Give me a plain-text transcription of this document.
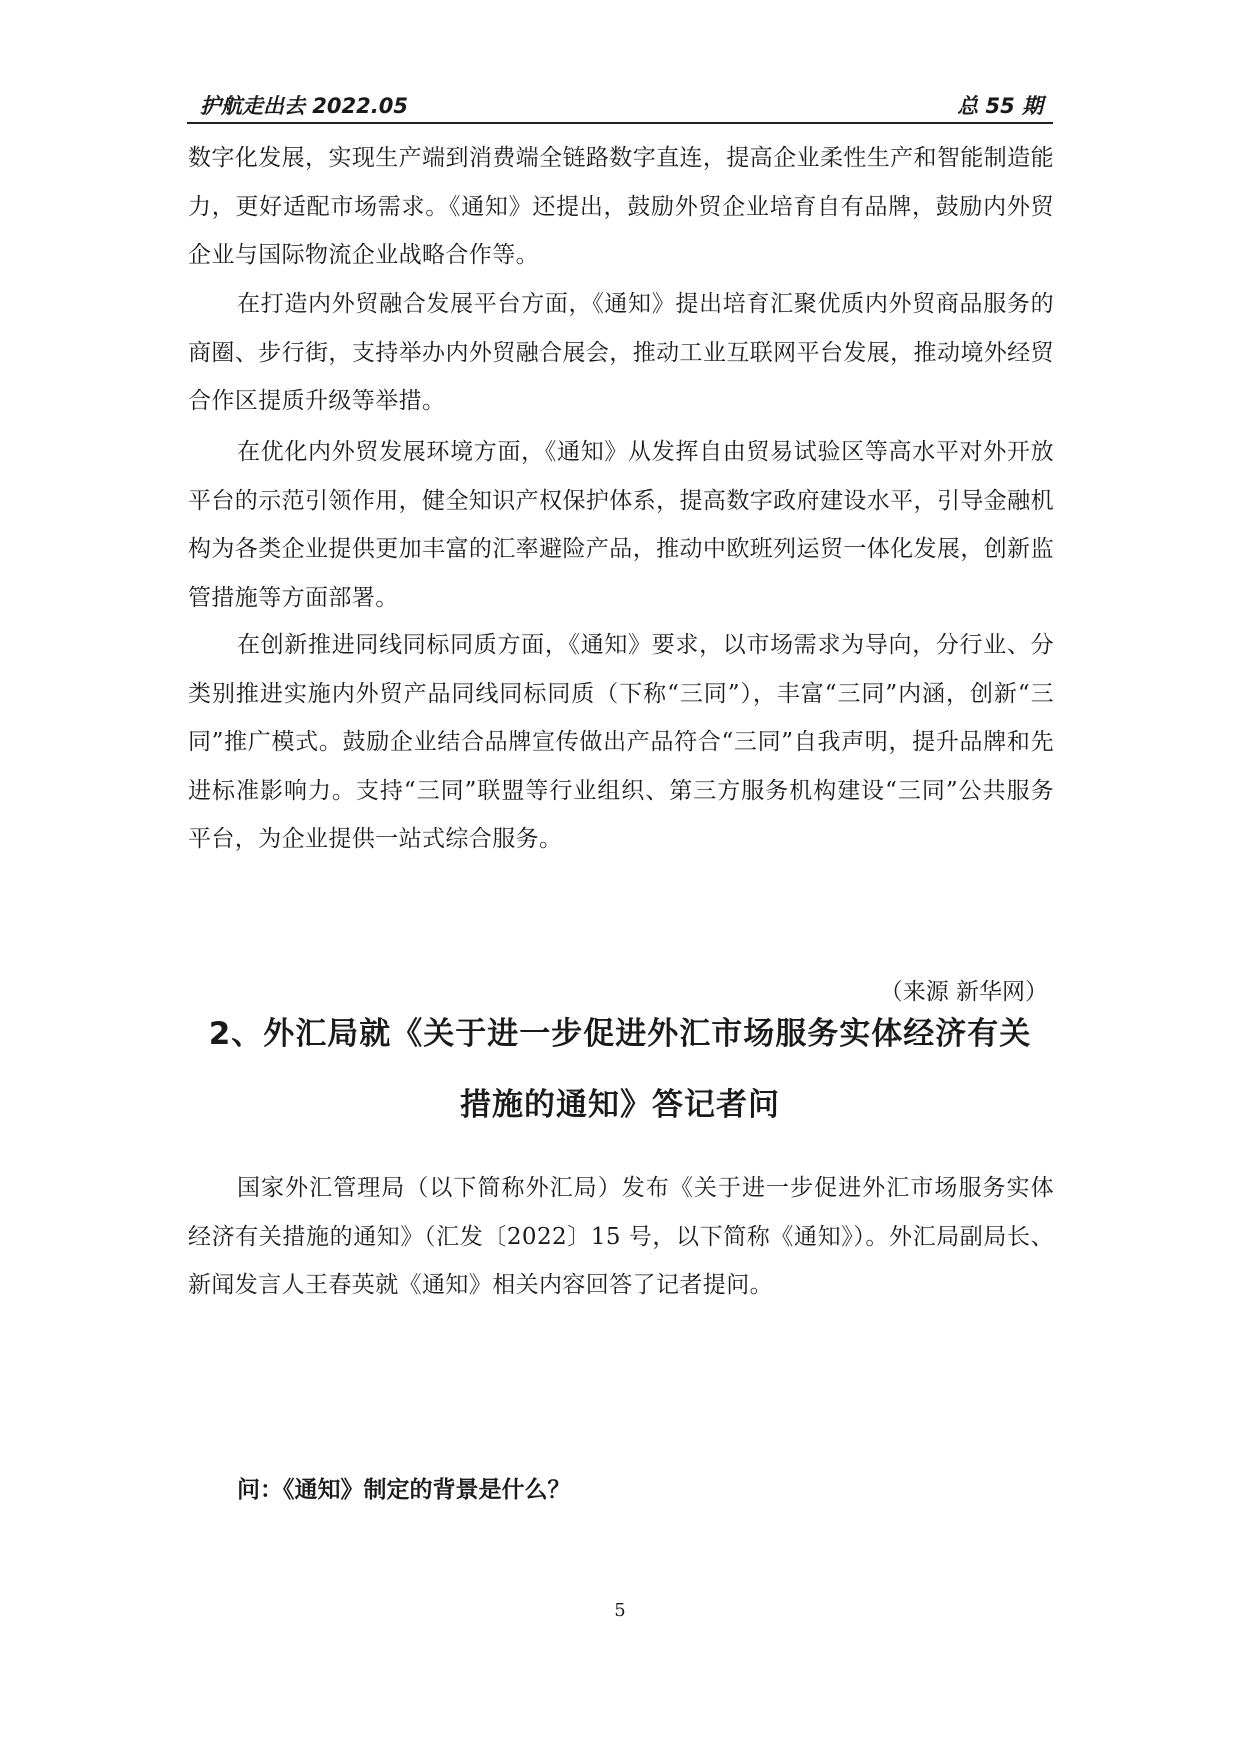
护航走出去 2022.05	总 55 期

数字化发展，实现生产端到消费端全链路数字直连，提高企业柔性生产和智能制造能力，更好适配市场需求。《通知》还提出，鼓励外贸企业培育自有品牌，鼓励内外贸企业与国际物流企业战略合作等。

在打造内外贸融合发展平台方面，《通知》提出培育汇聚优质内外贸商品服务的商圈、步行街，支持举办内外贸融合展会，推动工业互联网平台发展，推动境外经贸合作区提质升级等举措。

在优化内外贸发展环境方面，《通知》从发挥自由贸易试验区等高水平对外开放平台的示范引领作用，健全知识产权保护体系，提高数字政府建设水平，引导金融机构为各类企业提供更加丰富的汇率避险产品，推动中欧班列运贸一体化发展，创新监管措施等方面部署。

在创新推进同线同标同质方面，《通知》要求，以市场需求为导向，分行业、分类别推进实施内外贸产品同线同标同质（下称“三同”），丰富“三同”内涵，创新“三同”推广模式。鼓励企业结合品牌宣传做出产品符合“三同”自我声明，提升品牌和先进标准影响力。支持“三同”联盟等行业组织、第三方服务机构建设“三同”公共服务平台，为企业提供一站式综合服务。

（来源 新华网）

2、外汇局就《关于进一步促进外汇市场服务实体经济有关

措施的通知》答记者问

国家外汇管理局（以下简称外汇局）发布《关于进一步促进外汇市场服务实体经济有关措施的通知》（汇发〔2022〕15 号，以下简称《通知》）。外汇局副局长、新闻发言人王春英就《通知》相关内容回答了记者提问。

问：《通知》制定的背景是什么？
5
